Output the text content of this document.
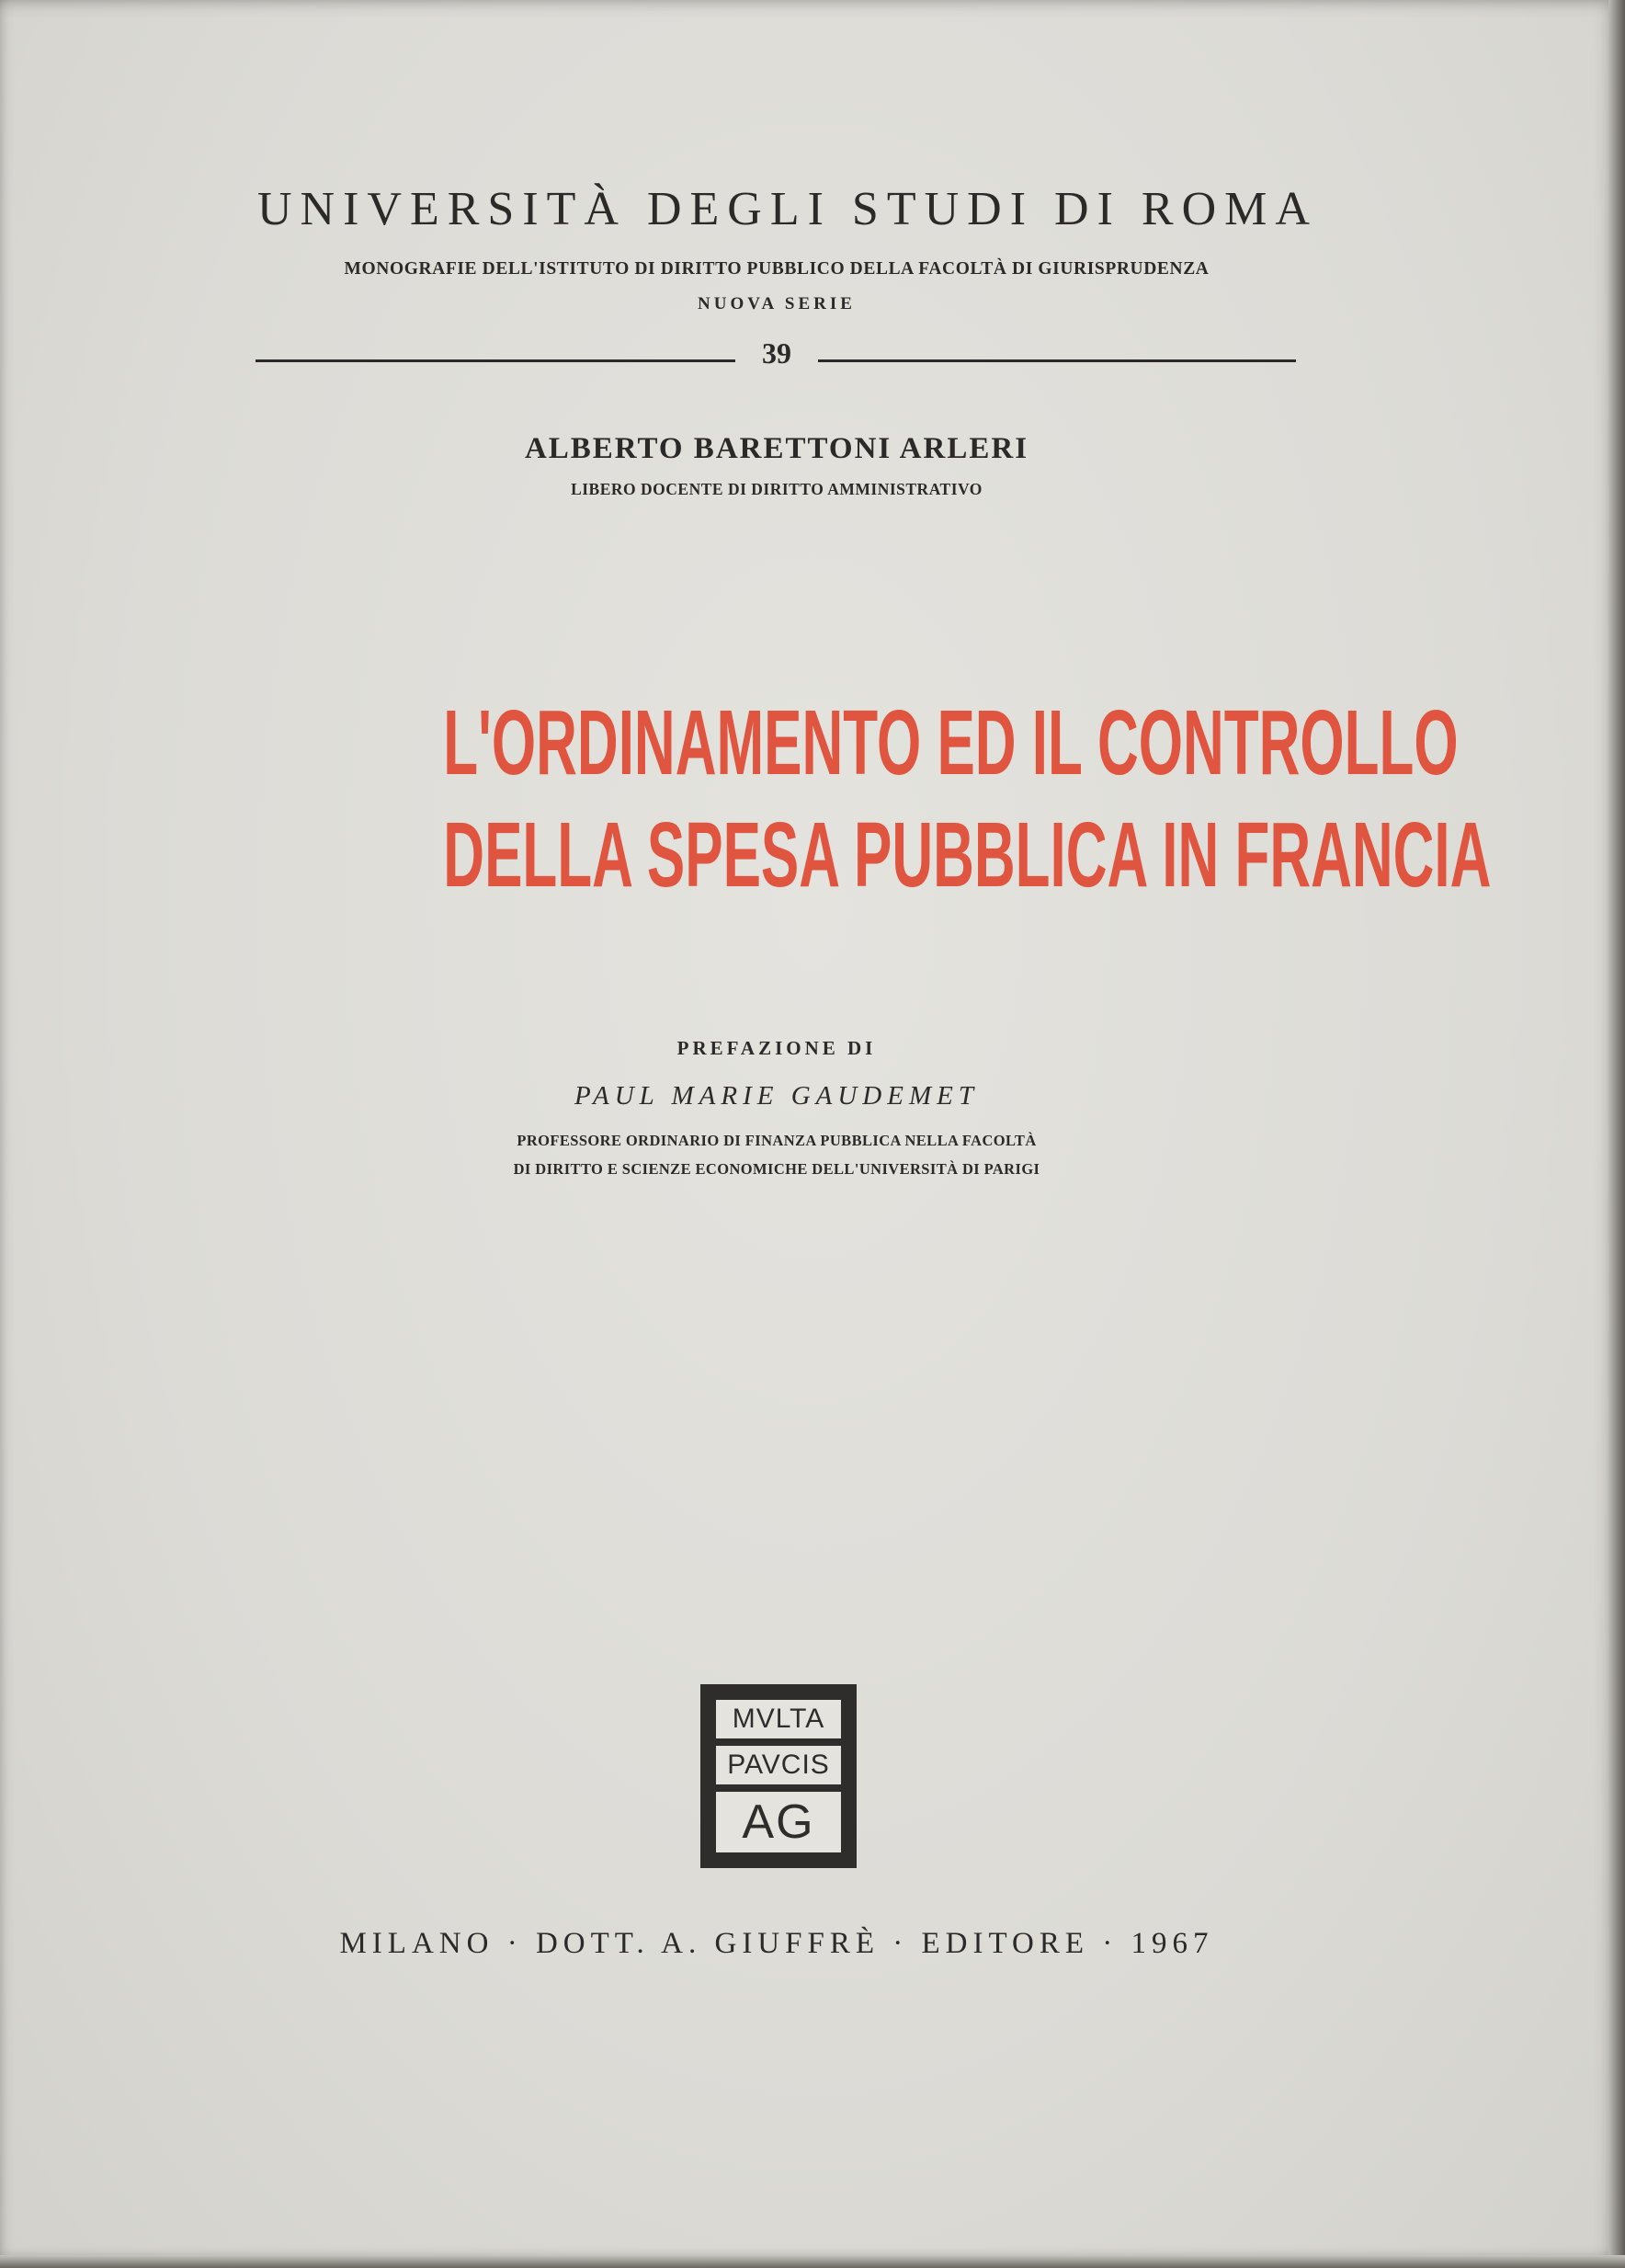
UNIVERSITÀ DEGLI STUDI DI ROMA
MONOGRAFIE DELL'ISTITUTO DI DIRITTO PUBBLICO DELLA FACOLTÀ DI GIURISPRUDENZA
NUOVA SERIE
39
ALBERTO BARETTONI ARLERI
LIBERO DOCENTE DI DIRITTO AMMINISTRATIVO
L'ORDINAMENTO ED IL CONTROLLO
DELLA SPESA PUBBLICA IN FRANCIA
PREFAZIONE DI
PAUL MARIE GAUDEMET
PROFESSORE ORDINARIO DI FINANZA PUBBLICA NELLA FACOLTÀ
DI DIRITTO E SCIENZE ECONOMICHE DELL'UNIVERSITÀ DI PARIGI
MVLTA
PAVCIS
AG
MILANO · DOTT. A. GIUFFRÈ · EDITORE · 1967
